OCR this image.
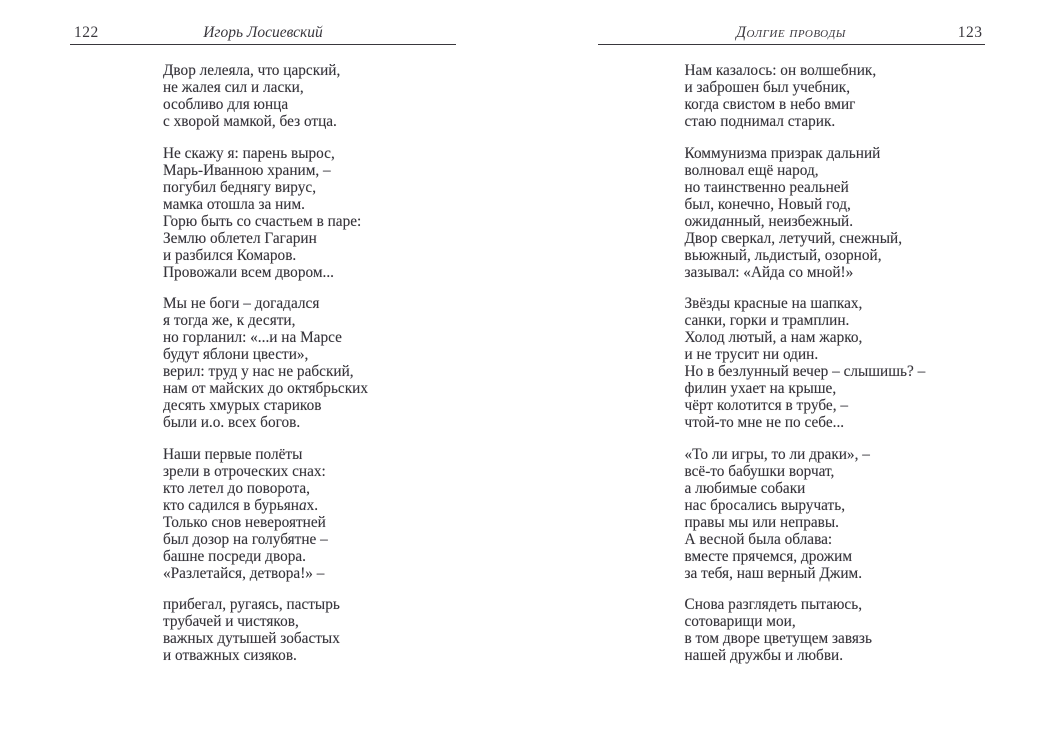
122	Игорь Лосиевский
Двор лелеяла, что царский,
не жалея сил и ласки,
особливо для юнца
с хворой мамкой, без отца.
Не скажу я: парень вырос,
Марь-Иванною храним, –
погубил беднягу вирус,
мамка отошла за ним.
Горю быть со счастьем в паре:
Землю облетел Гагарин
и разбился Комаров.
Провожали всем двором...
Мы не боги – догадался
я тогда же, к десяти,
но горланил: «...и на Марсе
будут яблони цвести»,
верил: труд у нас не рабский,
нам от майских до октябрьских
десять хмурых стариков
были и.о. всех богов.
Наши первые полёты
зрели в отроческих снах:
кто летел до поворота,
кто садился в бурьянах.
Только снов невероятней
был дозор на голубятне –
башне посреди двора.
«Разлетайся, детвора!» –
прибегал, ругаясь, пастырь
трубачей и чистяков,
важных дутышей зобастых
и отважных сизяков.
Долгие проводы	123
Нам казалось: он волшебник,
и заброшен был учебник,
когда свистом в небо вмиг
стаю поднимал старик.
Коммунизма призрак дальний
волновал ещё народ,
но таинственно реальней
был, конечно, Новый год,
ожиданный, неизбежный.
Двор сверкал, летучий, снежный,
вьюжный, льдистый, озорной,
зазывал: «Айда со мной!»
Звёзды красные на шапках,
санки, горки и трамплин.
Холод лютый, а нам жарко,
и не трусит ни один.
Но в безлунный вечер – слышишь? –
филин ухает на крыше,
чёрт колотится в трубе, –
чтой-то мне не по себе...
«То ли игры, то ли драки», –
всё-то бабушки ворчат,
а любимые собаки
нас бросались выручать,
правы мы или неправы.
А весной была облава:
вместе прячемся, дрожим
за тебя, наш верный Джим.
Снова разглядеть пытаюсь,
сотоварищи мои,
в том дворе цветущем завязь
нашей дружбы и любви.
